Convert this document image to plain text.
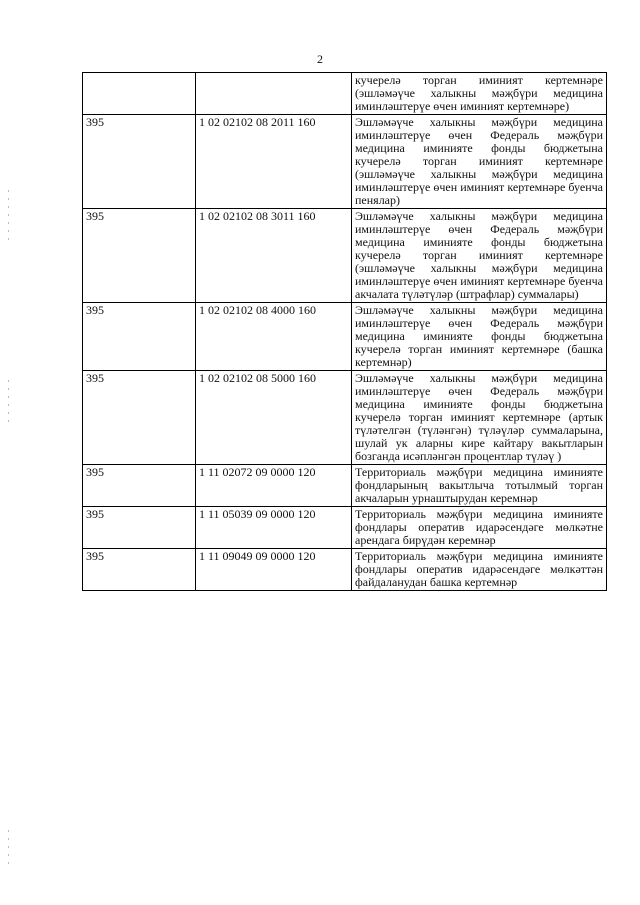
2
		кучерелә торган иминият кертемнәре (эшләмәүче халыкны мәҗбүри медицина иминләштерүе өчен иминият кертемнәре)
395	1 02 02102 08 2011 160	Эшләмәүче халыкны мәҗбүри медицина иминләштерүе өчен Федераль мәҗбүри медицина иминияте фонды бюджетына кучерелә торган иминият кертемнәре (эшләмәүче халыкны мәҗбүри медицина иминләштерүе өчен иминият кертемнәре буенча пенялар)
395	1 02 02102 08 3011 160	Эшләмәүче халыкны мәҗбүри медицина иминләштерүе өчен Федераль мәҗбүри медицина иминияте фонды бюджетына кучерелә торган иминият кертемнәре (эшләмәүче халыкны мәҗбүри медицина иминләштерүе өчен иминият кертемнәре буенча акчалата түләтүләр (штрафлар) суммалары)
395	1 02 02102 08 4000 160	Эшләмәүче халыкны мәҗбүри медицина иминләштерүе өчен Федераль мәҗбүри медицина иминияте фонды бюджетына кучерелә торган иминият кертемнәре (башка кертемнәр)
395	1 02 02102 08 5000 160	Эшләмәүче халыкны мәҗбүри медицина иминләштерүе өчен Федераль мәҗбүри медицина иминияте фонды бюджетына кучерелә торган иминият кертемнәре (артык түләтелгән (түләнгән) түләүләр суммаларына, шулай ук аларны кире кайтару вакытларын бозганда исәпләнгән процентлар түләү )
395	1 11 02072 09 0000 120	Территориаль мәҗбүри медицина иминияте фондларының вакытлыча тотылмый торган акчаларын урнаштырудан керемнәр
395	1 11 05039 09 0000 120	Территориаль мәҗбүри медицина иминияте фондлары оператив идарәсендәге мөлкәтне арендага бирүдән керемнәр
395	1 11 09049 09 0000 120	Территориаль мәҗбүри медицина иминияте фондлары оператив идарәсендәге мөлкәттән файдаланудан башка кертемнәр
